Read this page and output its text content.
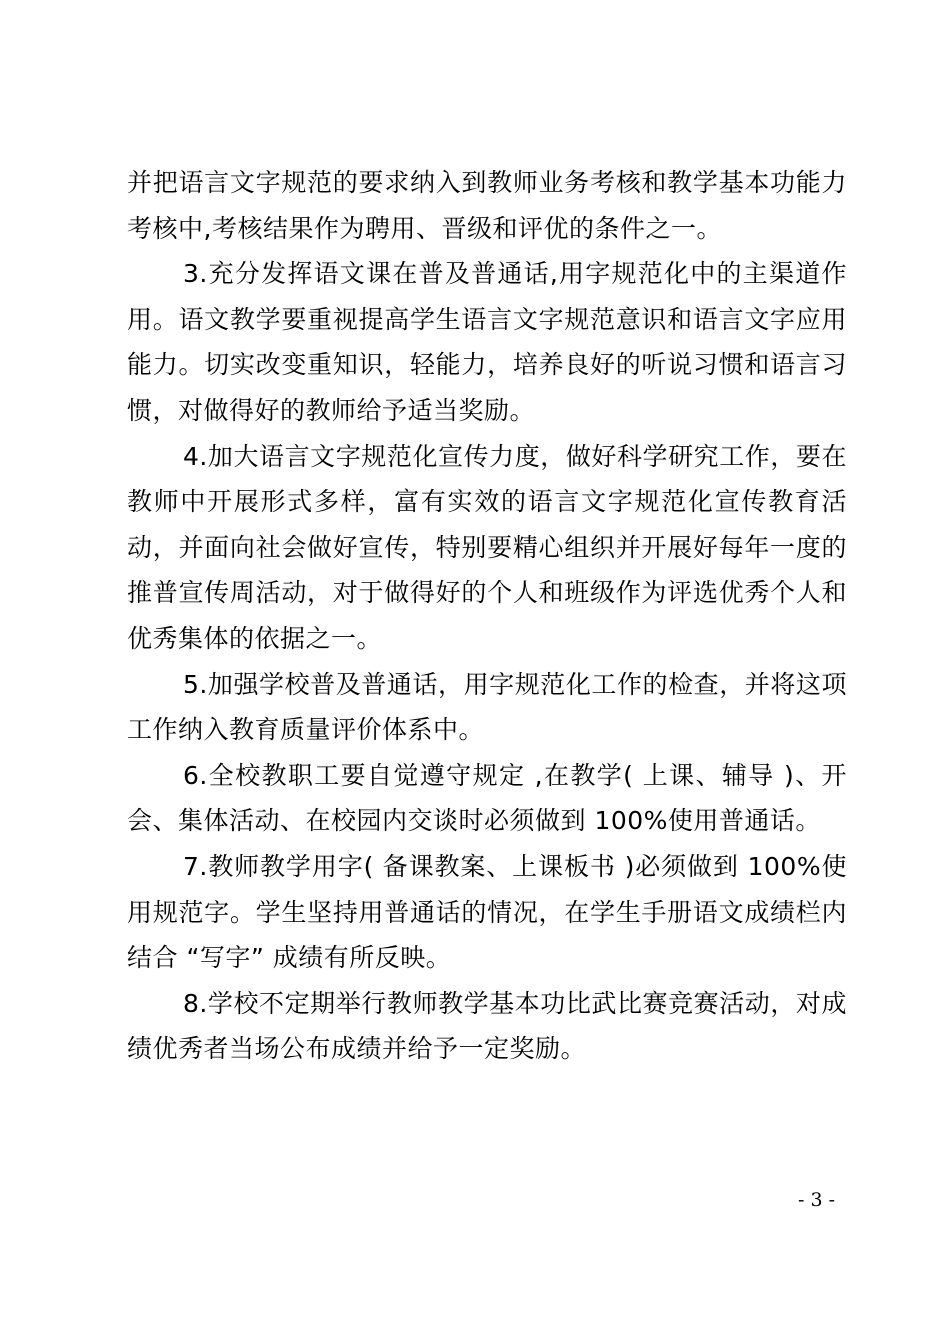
并把语言文字规范的要求纳入到教师业务考核和教学基本功能力考核中,考核结果作为聘用、晋级和评优的条件之一。

3.充分发挥语文课在普及普通话,用字规范化中的主渠道作用。语文教学要重视提高学生语言文字规范意识和语言文字应用能力。切实改变重知识，轻能力，培养良好的听说习惯和语言习惯，对做得好的教师给予适当奖励。

4.加大语言文字规范化宣传力度，做好科学研究工作，要在教师中开展形式多样，富有实效的语言文字规范化宣传教育活动，并面向社会做好宣传，特别要精心组织并开展好每年一度的推普宣传周活动，对于做得好的个人和班级作为评选优秀个人和优秀集体的依据之一。

5.加强学校普及普通话，用字规范化工作的检查，并将这项工作纳入教育质量评价体系中。

6.全校教职工要自觉遵守规定 ,在教学( 上课、辅导 )、开会、集体活动、在校园内交谈时必须做到 100%使用普通话。

7.教师教学用字( 备课教案、上课板书 )必须做到 100%使用规范字。学生坚持用普通话的情况，在学生手册语文成绩栏内结合 “写字” 成绩有所反映。

8.学校不定期举行教师教学基本功比武比赛竞赛活动，对成绩优秀者当场公布成绩并给予一定奖励。

- 3 -
